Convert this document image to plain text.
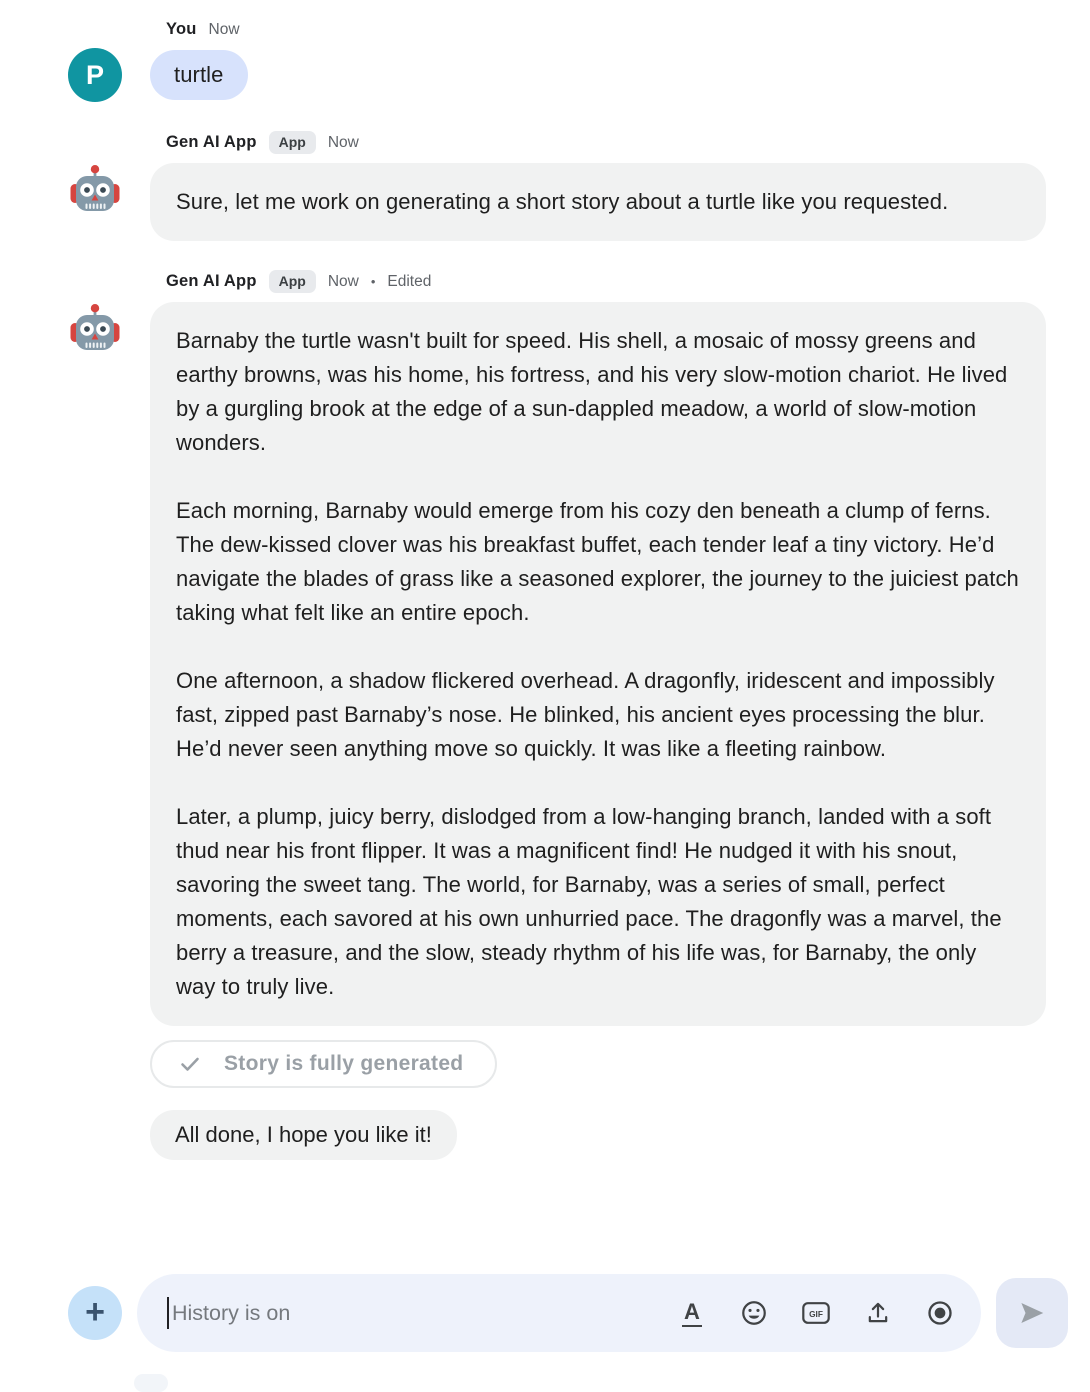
You Now
P	turtle
Gen AI App	App	Now
Sure, let me work on generating a short story about a turtle like you requested.
Gen AI App	App	Now • Edited

Barnaby the turtle wasn't built for speed. His shell, a mosaic of mossy greens and earthy browns, was his home, his fortress, and his very slow-motion chariot. He lived by a gurgling brook at the edge of a sun-dappled meadow, a world of slow-motion wonders.

Each morning, Barnaby would emerge from his cozy den beneath a clump of ferns. The dew-kissed clover was his breakfast buffet, each tender leaf a tiny victory. He’d navigate the blades of grass like a seasoned explorer, the journey to the juiciest patch taking what felt like an entire epoch.

One afternoon, a shadow flickered overhead. A dragonfly, iridescent and impossibly fast, zipped past Barnaby’s nose. He blinked, his ancient eyes processing the blur. He’d never seen anything move so quickly. It was like a fleeting rainbow.

Later, a plump, juicy berry, dislodged from a low-hanging branch, landed with a soft thud near his front flipper. It was a magnificent find! He nudged it with his snout, savoring the sweet tang. The world, for Barnaby, was a series of small, perfect moments, each savored at his own unhurried pace. The dragonfly was a marvel, the berry a treasure, and the slow, steady rhythm of his life was, for Barnaby, the only way to truly live.

Story is fully generated
All done, I hope you like it!
+	History is on	A	GIF
